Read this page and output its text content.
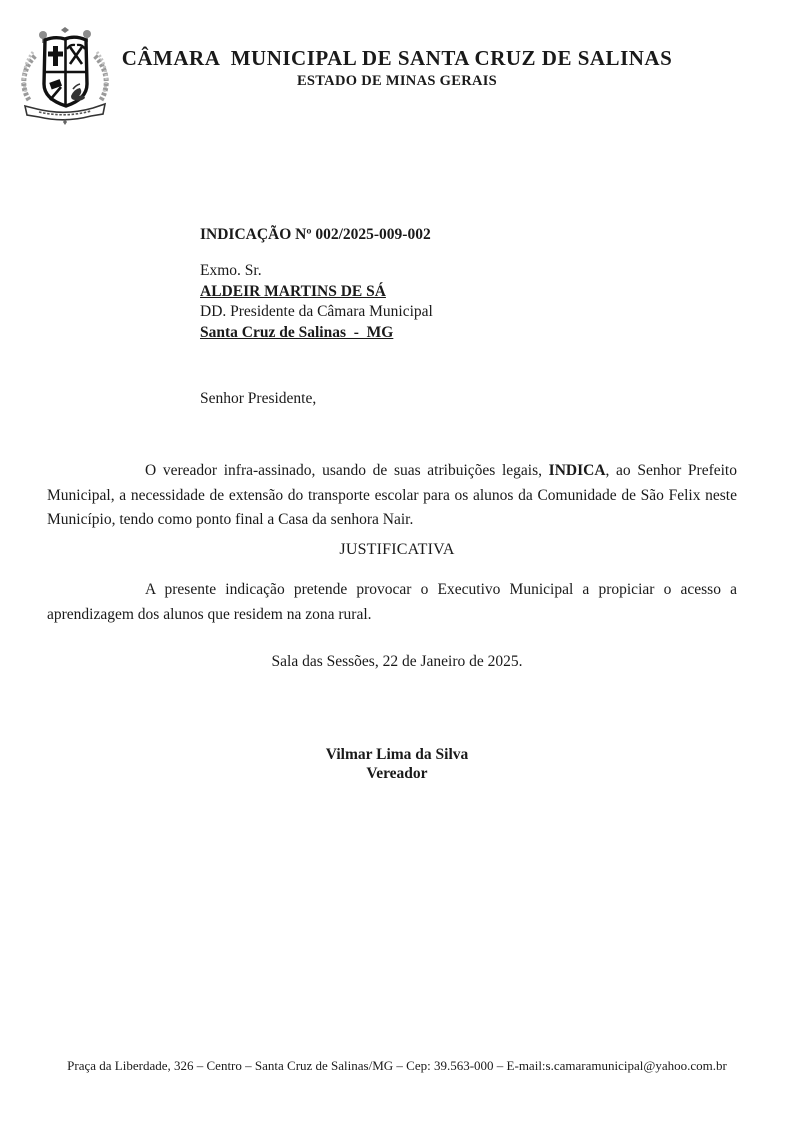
CÂMARA  MUNICIPAL DE SANTA CRUZ DE SALINAS
ESTADO DE MINAS GERAIS
INDICAÇÃO Nº 002/2025-009-002
Exmo. Sr.
ALDEIR MARTINS DE SÁ
DD. Presidente da Câmara Municipal
Santa Cruz de Salinas  -  MG
Senhor Presidente,

O vereador infra-assinado, usando de suas atribuições legais, INDICA, ao Senhor Prefeito Municipal, a necessidade de extensão do transporte escolar para os alunos da Comunidade de São Felix neste Município, tendo como ponto final a Casa da senhora Nair.

JUSTIFICATIVA

A presente indicação pretende provocar o Executivo Municipal a propiciar o acesso a aprendizagem dos alunos que residem na zona rural.

Sala das Sessões, 22 de Janeiro de 2025.
Vilmar Lima da Silva
Vereador
Praça da Liberdade, 326 – Centro – Santa Cruz de Salinas/MG – Cep: 39.563-000 – E-mail:s.camaramunicipal@yahoo.com.br
